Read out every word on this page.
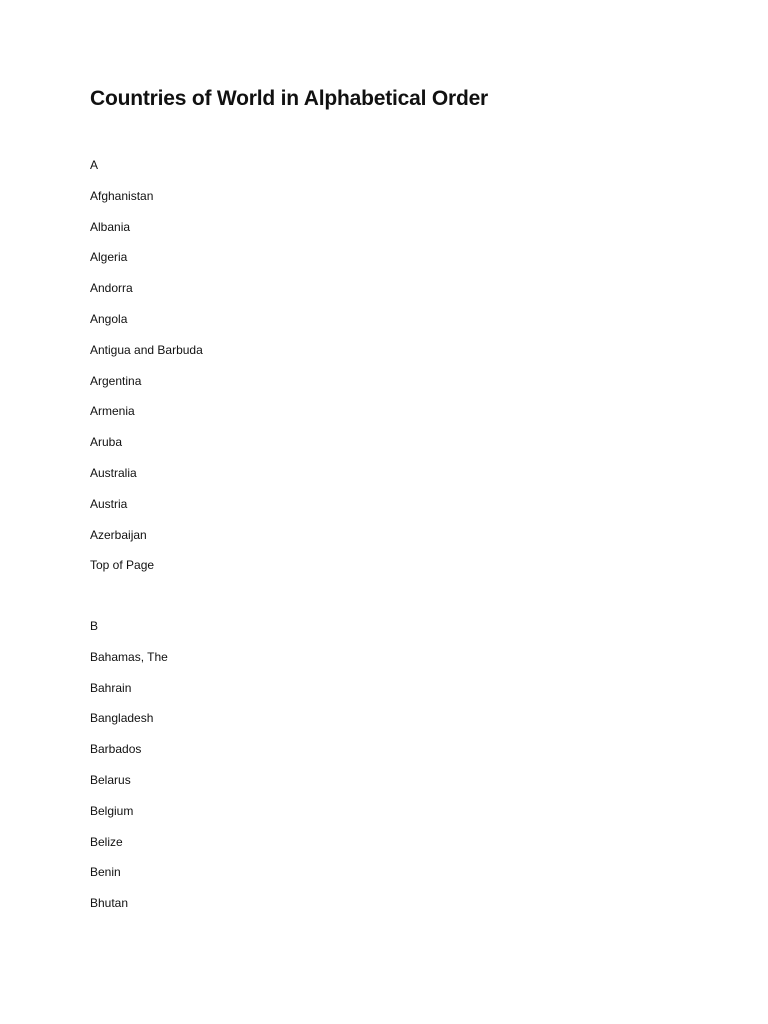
Countries of World in Alphabetical Order
A
Afghanistan
Albania
Algeria
Andorra
Angola
Antigua and Barbuda
Argentina
Armenia
Aruba
Australia
Austria
Azerbaijan
Top of Page
B
Bahamas, The
Bahrain
Bangladesh
Barbados
Belarus
Belgium
Belize
Benin
Bhutan
